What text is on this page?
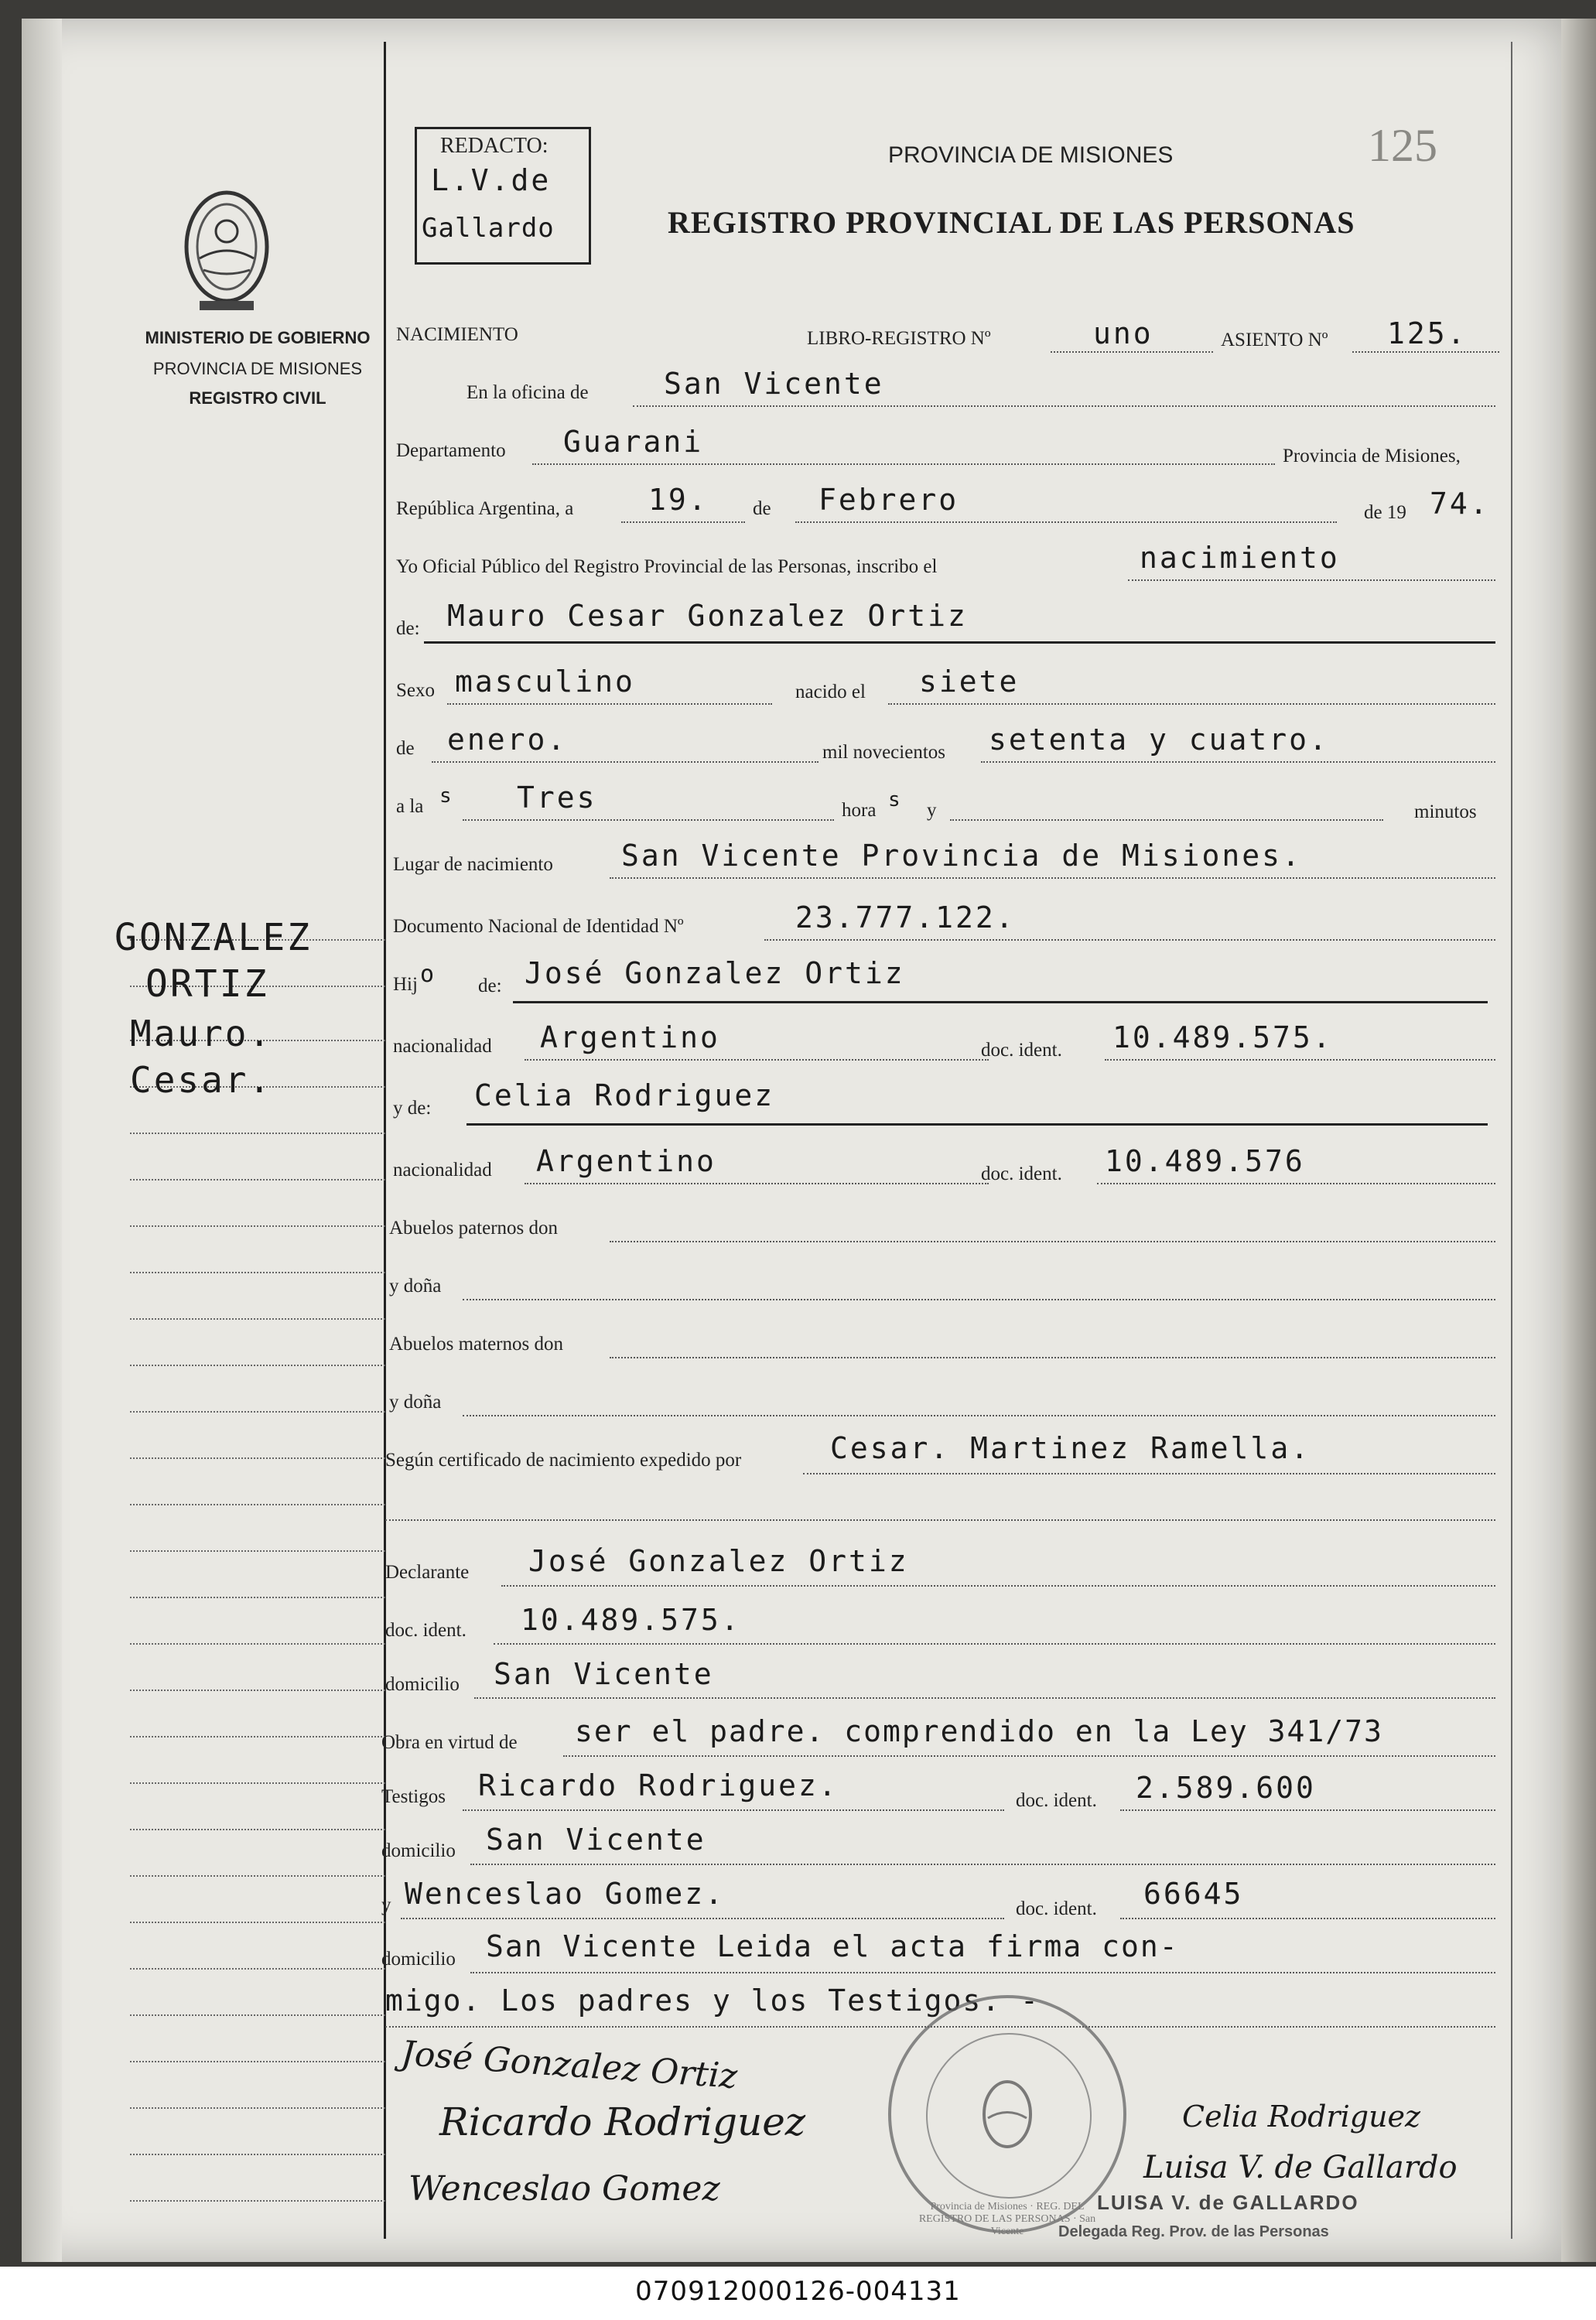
MINISTERIO DE GOBIERNO
PROVINCIA DE MISIONES
REGISTRO CIVIL
GONZALEZ
ORTIZ
Mauro.
Cesar.
REDACTO:
L.V.de
Gallardo
125
PROVINCIA DE MISIONES
REGISTRO PROVINCIAL DE LAS PERSONAS
NACIMIENTO	LIBRO-REGISTRO Nº	uno	ASIENTO Nº 125.
En la oficina de	San Vicente
Departamento Guarani	Provincia de Misiones,
República Argentina, a	19. de Febrero	de 19 74.
Yo Oficial Público del Registro Provincial de las Personas, inscribo el	nacimiento
de: Mauro Cesar Gonzalez Ortiz
Sexo masculino	nacido el siete
de enero.	mil novecientos setenta y cuatro.
a la s Tres	hora s y	minutos
Lugar de nacimiento San Vicente Provincia de Misiones.
Documento Nacional de Identidad Nº	23.777.122.
Hij o de: José Gonzalez Ortiz
nacionalidad Argentino	doc. ident. 10.489.575.
y de: Celia Rodriguez
nacionalidad Argentino	doc. ident. 10.489.576
Abuelos paternos don
y doña
Abuelos maternos don
y doña
Según certificado de nacimiento expedido por	Cesar. Martinez Ramella.
Declarante José Gonzalez Ortiz
doc. ident. 10.489.575.
domicilio San Vicente
Obra en virtud de ser el padre. comprendido en la Ley 341/73
Testigos Ricardo Rodriguez.	doc. ident. 2.589.600
domicilio San Vicente
y Wenceslao Gomez.	doc. ident. 66645
domicilio San Vicente Leida el acta firma con-
migo. Los padres y los Testigos. -
Provincia de Misiones · REG. DEL REGISTRO DE LAS PERSONAS · San Vicente
José Gonzalez Ortiz
Ricardo Rodriguez	Celia Rodriguez
Wenceslao Gomez
Luisa V. de Gallardo
LUISA V. de GALLARDO
Delegada Reg. Prov. de las Personas
070912000126-004131
